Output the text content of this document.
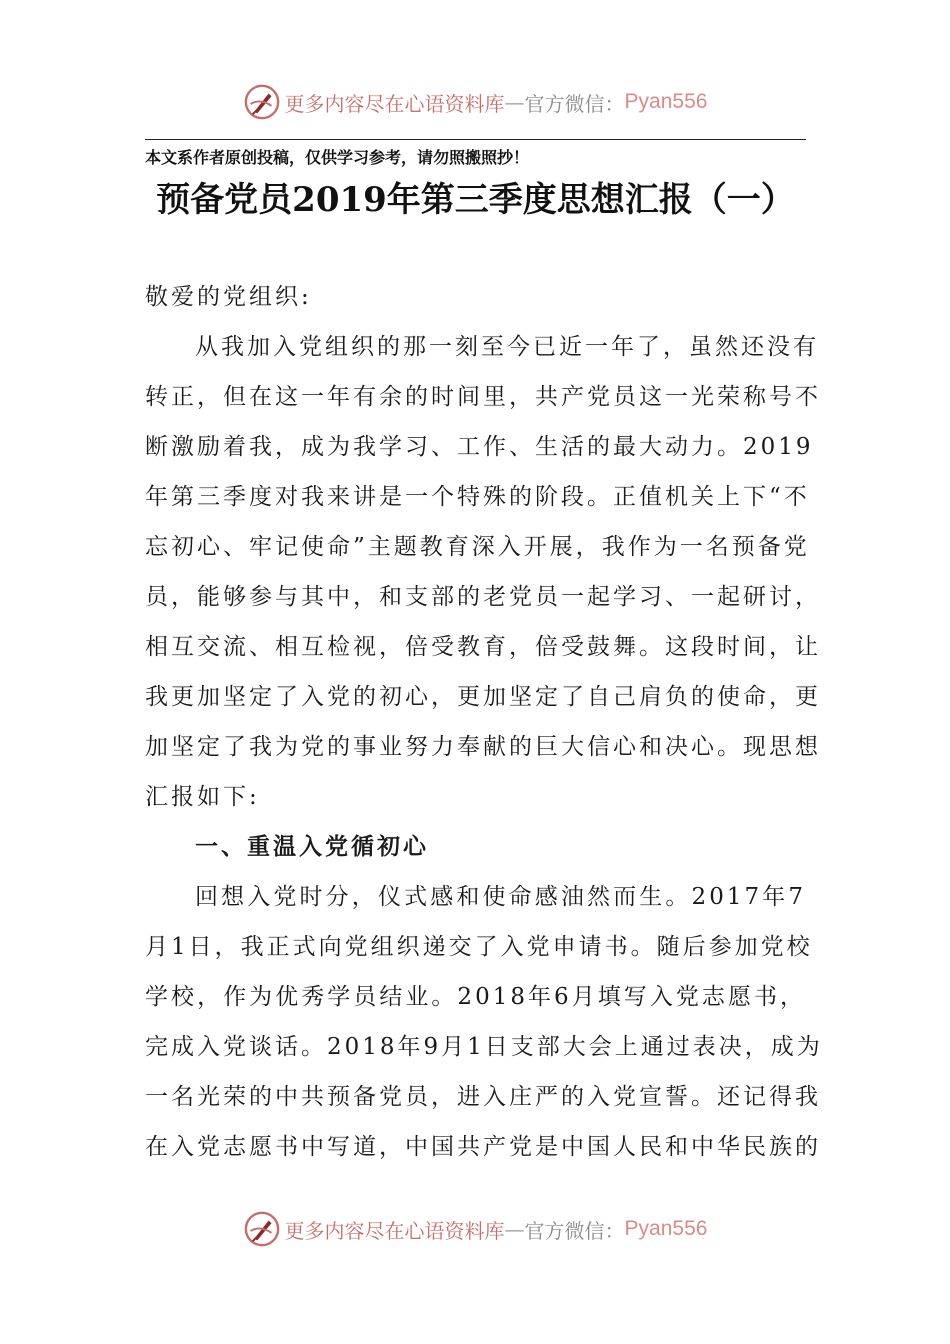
更多内容尽在心语资料库 — 官方微信： Pyan556
本文系作者原创投稿，仅供学习参考，请勿照搬照抄！
预备党员2019年第三季度思想汇报（一）
敬爱的党组织:
从我加入党组织的那一刻至今已近一年了，虽然还没有
转正，但在这一年有余的时间里，共产党员这一光荣称号不
断激励着我，成为我学习、工作、生活的最大动力。2019
年第三季度对我来讲是一个特殊的阶段。正值机关上下“不
忘初心、牢记使命”主题教育深入开展，我作为一名预备党
员，能够参与其中，和支部的老党员一起学习、一起研讨，
相互交流、相互检视，倍受教育，倍受鼓舞。这段时间，让
我更加坚定了入党的初心，更加坚定了自己肩负的使命，更
加坚定了我为党的事业努力奉献的巨大信心和决心。现思想
汇报如下:
一、重温入党循初心
回想入党时分，仪式感和使命感油然而生。2017年7
月1日，我正式向党组织递交了入党申请书。随后参加党校
学校，作为优秀学员结业。2018年6月填写入党志愿书，
完成入党谈话。2018年9月1日支部大会上通过表决，成为
一名光荣的中共预备党员，进入庄严的入党宣誓。还记得我
在入党志愿书中写道，中国共产党是中国人民和中华民族的
更多内容尽在心语资料库 — 官方微信： Pyan556
